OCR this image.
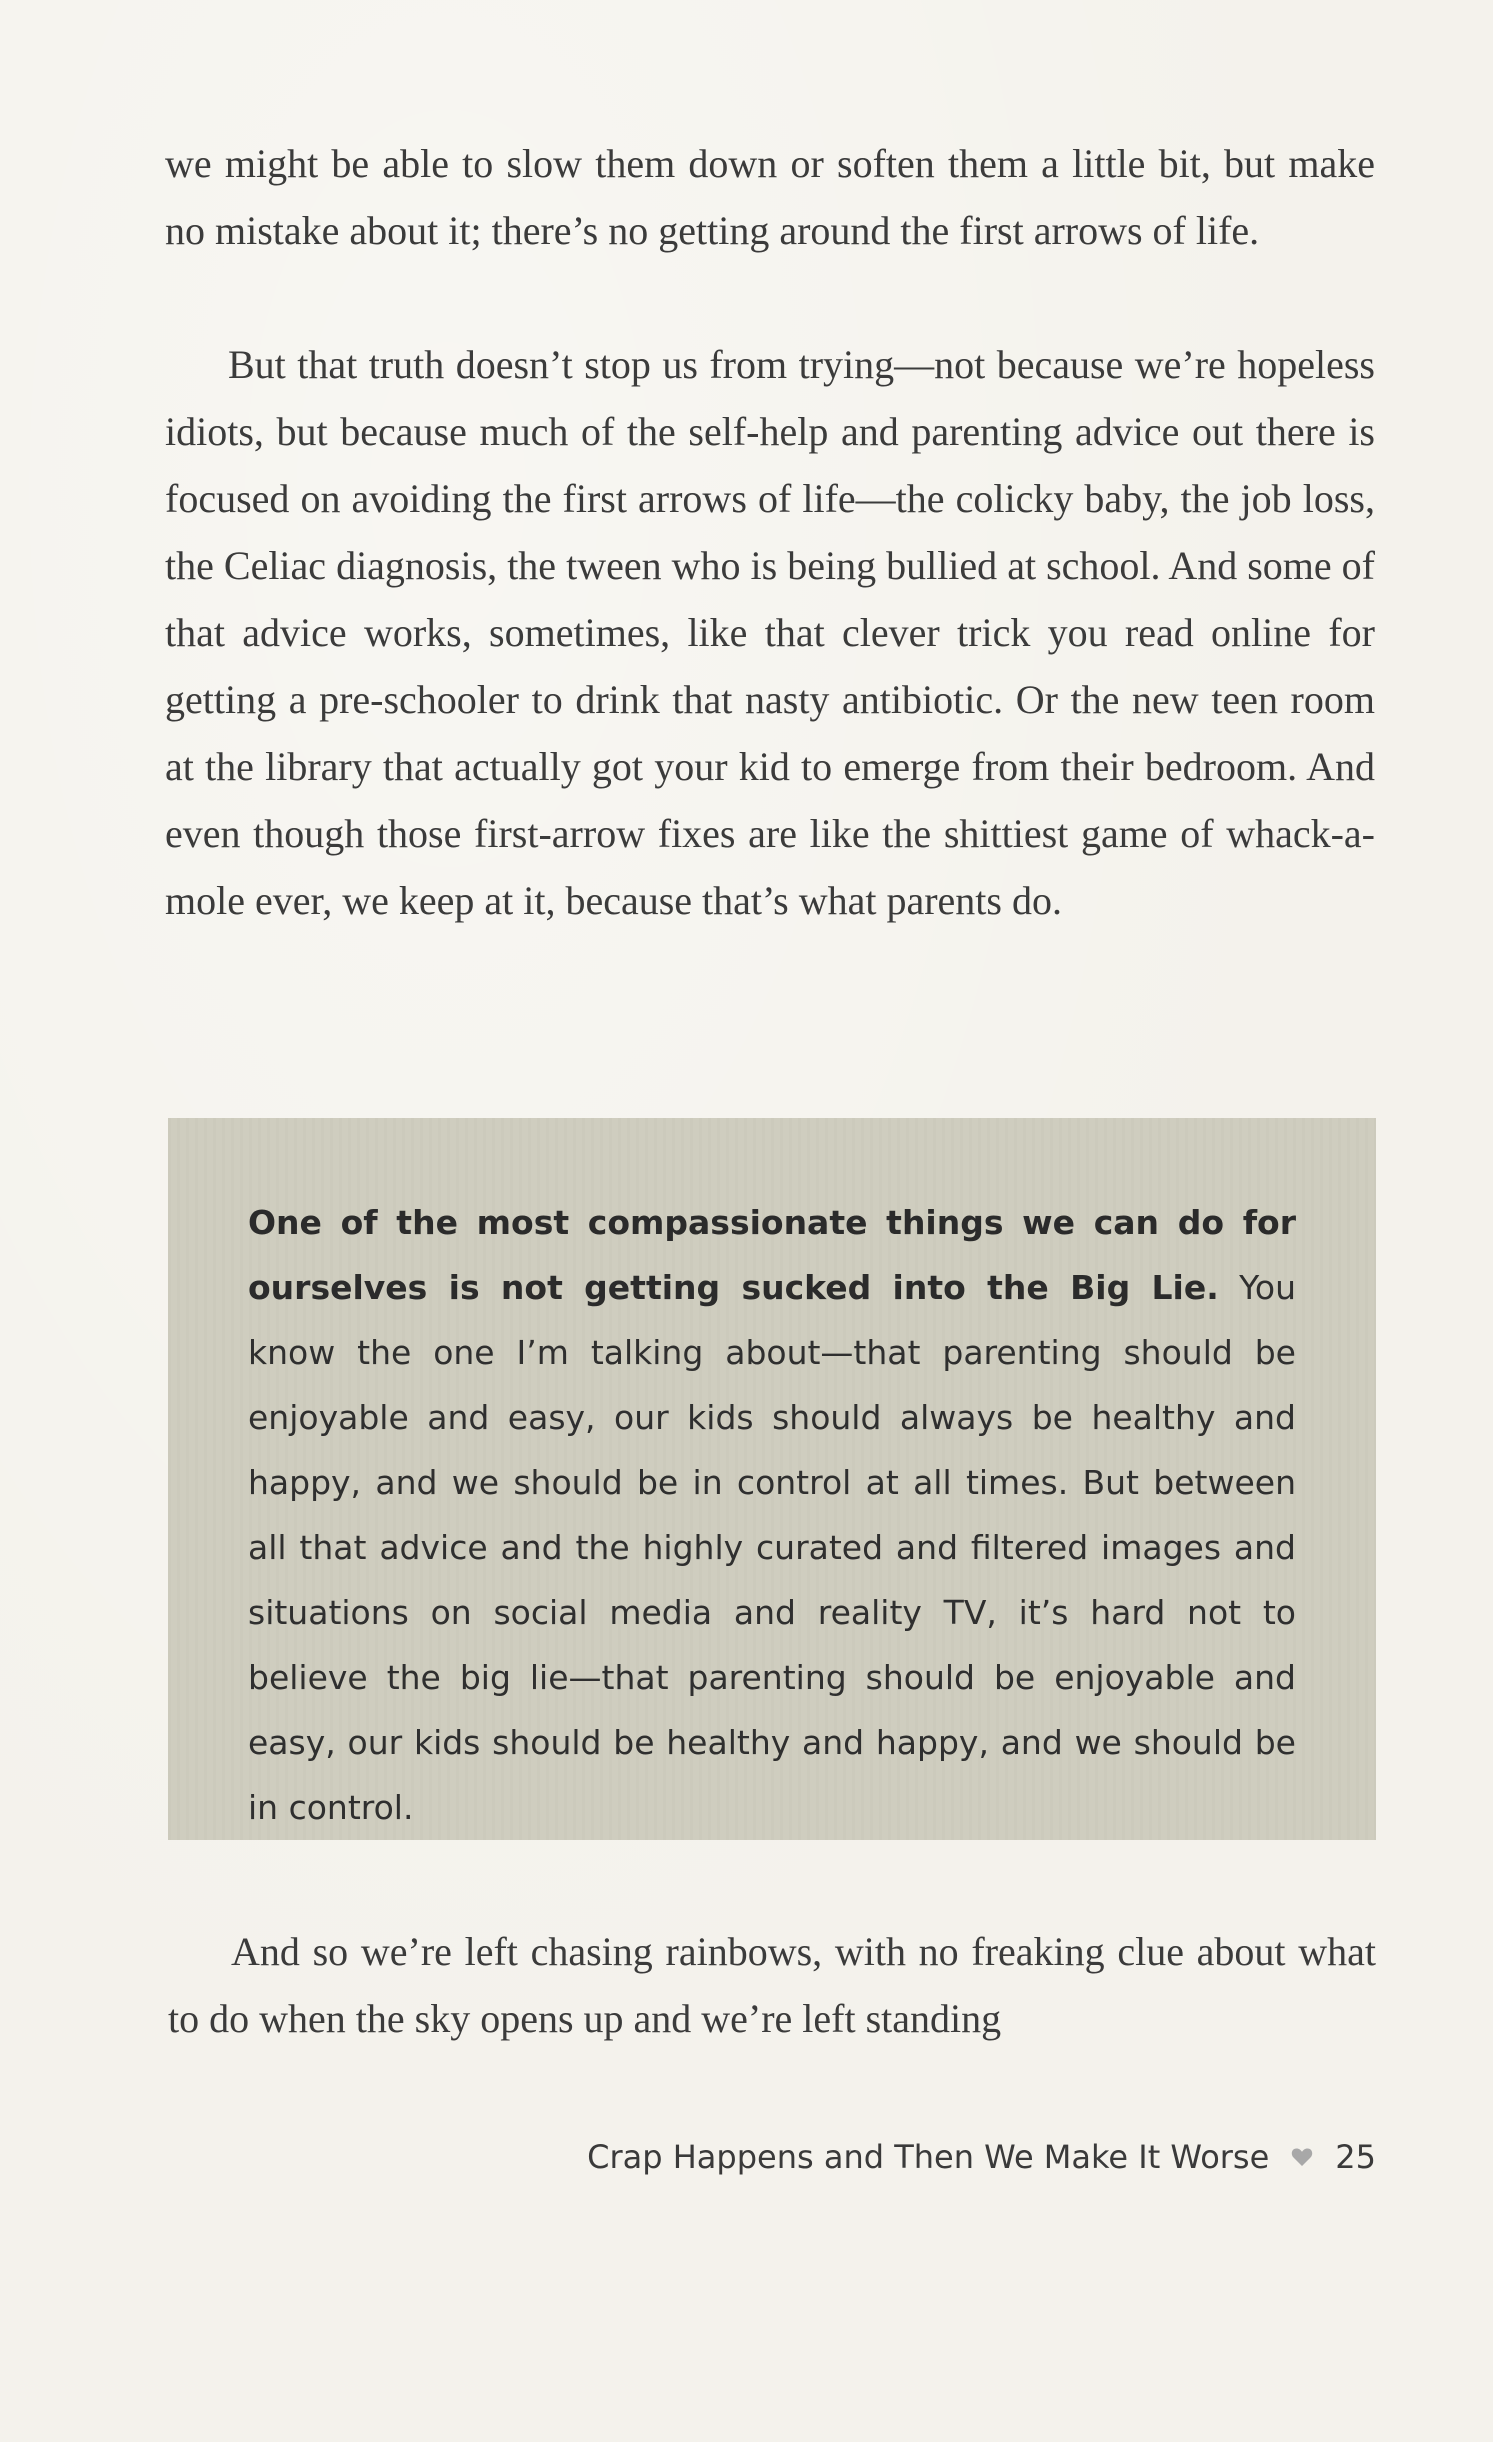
we might be able to slow them down or soften them a little bit, but make no mistake about it; there’s no getting around the first arrows of life.

But that truth doesn’t stop us from trying—not because we’re hopeless idiots, but because much of the self-help and parenting advice out there is focused on avoiding the first arrows of life—the colicky baby, the job loss, the Celiac diagnosis, the tween who is being bullied at school. And some of that advice works, sometimes, like that clever trick you read online for getting a pre-schooler to drink that nasty antibiotic. Or the new teen room at the library that actually got your kid to emerge from their bedroom. And even though those first-arrow fixes are like the shittiest game of whack-a-mole ever, we keep at it, because that’s what parents do.

One of the most compassionate things we can do for ourselves is not getting sucked into the Big Lie. You know the one I’m talking about—that parenting should be enjoyable and easy, our kids should always be healthy and happy, and we should be in control at all times. But between all that advice and the highly curated and filtered images and situations on social media and reality TV, it’s hard not to believe the big lie—that parenting should be enjoyable and easy, our kids should be healthy and happy, and we should be in control.

And so we’re left chasing rainbows, with no freaking clue about what to do when the sky opens up and we’re left standing

Crap Happens and Then We Make It Worse 25
